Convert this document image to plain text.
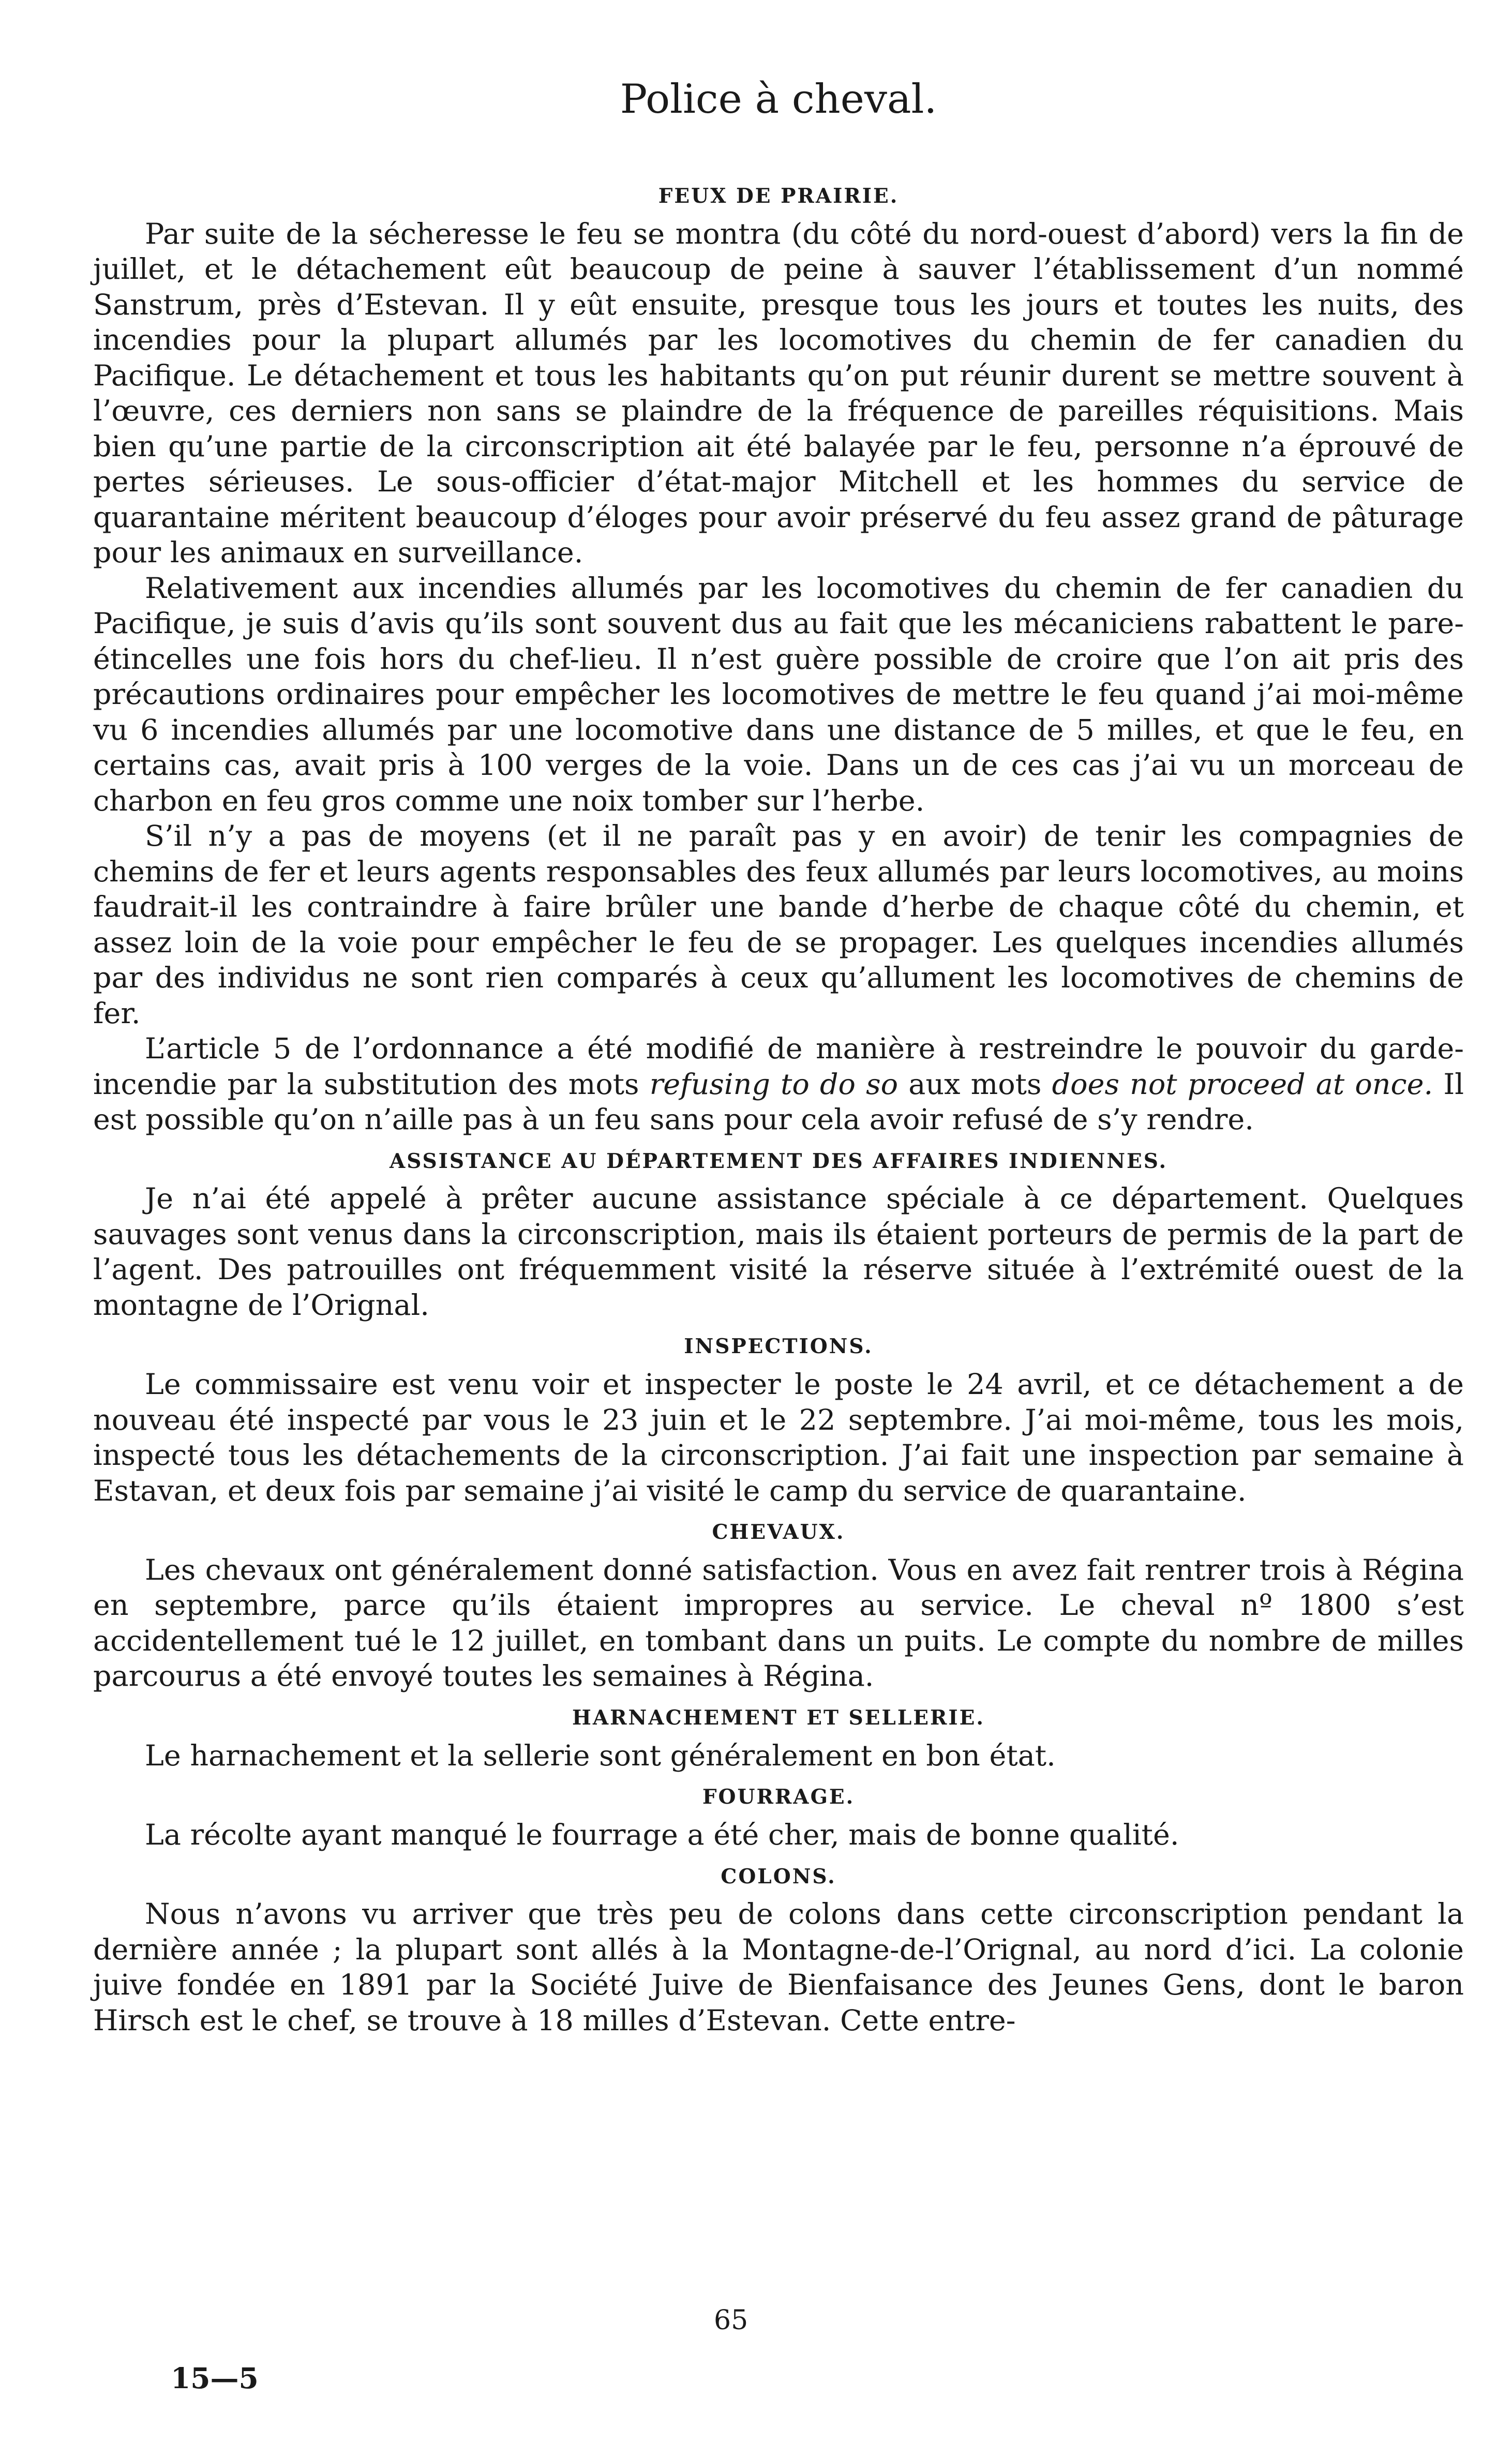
Police à cheval.
FEUX DE PRAIRIE.

Par suite de la sécheresse le feu se montra (du côté du nord-ouest d’abord) vers la fin de juillet, et le détachement eût beaucoup de peine à sauver l’établissement d’un nommé Sanstrum, près d’Estevan. Il y eût ensuite, presque tous les jours et toutes les nuits, des incendies pour la plupart allumés par les locomotives du chemin de fer canadien du Pacifique. Le détachement et tous les habitants qu’on put réunir durent se mettre souvent à l’œuvre, ces derniers non sans se plaindre de la fréquence de pareilles réquisitions. Mais bien qu’une partie de la circonscription ait été balayée par le feu, personne n’a éprouvé de pertes sérieuses. Le sous-officier d’état-major Mitchell et les hommes du service de quarantaine méritent beaucoup d’éloges pour avoir préservé du feu assez grand de pâturage pour les animaux en surveillance.

Relativement aux incendies allumés par les locomotives du chemin de fer canadien du Pacifique, je suis d’avis qu’ils sont souvent dus au fait que les mécaniciens rabattent le pare-étincelles une fois hors du chef-lieu. Il n’est guère possible de croire que l’on ait pris des précautions ordinaires pour empêcher les locomotives de mettre le feu quand j’ai moi-même vu 6 incendies allumés par une locomotive dans une distance de 5 milles, et que le feu, en certains cas, avait pris à 100 verges de la voie. Dans un de ces cas j’ai vu un morceau de charbon en feu gros comme une noix tomber sur l’herbe.

S’il n’y a pas de moyens (et il ne paraît pas y en avoir) de tenir les compagnies de chemins de fer et leurs agents responsables des feux allumés par leurs locomotives, au moins faudrait-il les contraindre à faire brûler une bande d’herbe de chaque côté du chemin, et assez loin de la voie pour empêcher le feu de se propager. Les quelques incendies allumés par des individus ne sont rien comparés à ceux qu’allument les locomotives de chemins de fer.

L’article 5 de l’ordonnance a été modifié de manière à restreindre le pouvoir du garde-incendie par la substitution des mots refusing to do so aux mots does not proceed at once. Il est possible qu’on n’aille pas à un feu sans pour cela avoir refusé de s’y rendre.

ASSISTANCE AU DÉPARTEMENT DES AFFAIRES INDIENNES.

Je n’ai été appelé à prêter aucune assistance spéciale à ce département. Quelques sauvages sont venus dans la circonscription, mais ils étaient porteurs de permis de la part de l’agent. Des patrouilles ont fréquemment visité la réserve située à l’extrémité ouest de la montagne de l’Orignal.

INSPECTIONS.

Le commissaire est venu voir et inspecter le poste le 24 avril, et ce détachement a de nouveau été inspecté par vous le 23 juin et le 22 septembre. J’ai moi-même, tous les mois, inspecté tous les détachements de la circonscription. J’ai fait une inspection par semaine à Estavan, et deux fois par semaine j’ai visité le camp du service de quarantaine.

CHEVAUX.

Les chevaux ont généralement donné satisfaction. Vous en avez fait rentrer trois à Régina en septembre, parce qu’ils étaient impropres au service. Le cheval nº 1800 s’est accidentellement tué le 12 juillet, en tombant dans un puits. Le compte du nombre de milles parcourus a été envoyé toutes les semaines à Régina.

HARNACHEMENT ET SELLERIE.

Le harnachement et la sellerie sont généralement en bon état.

FOURRAGE.

La récolte ayant manqué le fourrage a été cher, mais de bonne qualité.

COLONS.

Nous n’avons vu arriver que très peu de colons dans cette circonscription pendant la dernière année ; la plupart sont allés à la Montagne-de-l’Orignal, au nord d’ici. La colonie juive fondée en 1891 par la Société Juive de Bienfaisance des Jeunes Gens, dont le baron Hirsch est le chef, se trouve à 18 milles d’Estevan. Cette entre-

65
15—5
